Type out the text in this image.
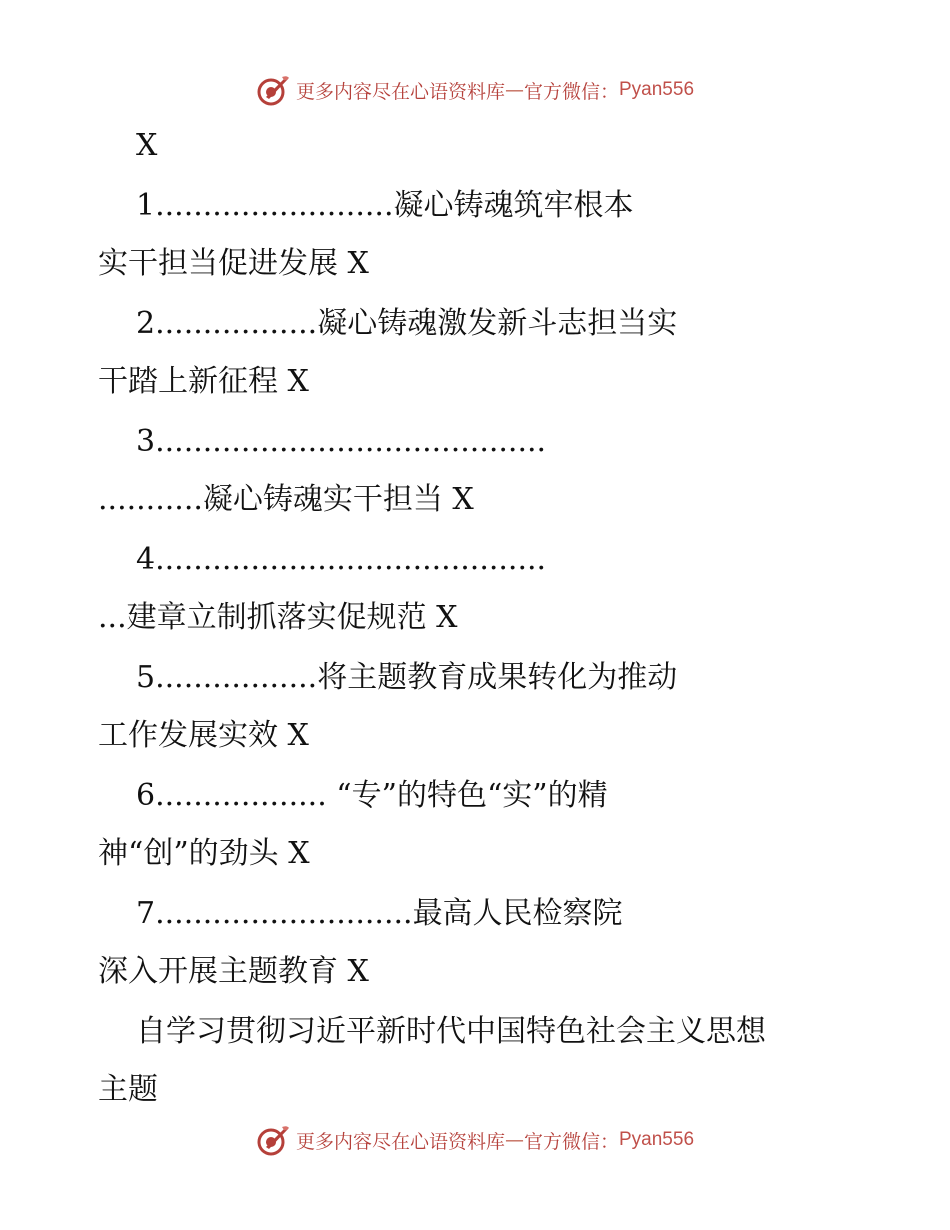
更多内容尽在心语资料库 — 官方微信： Pyan556
X
1.........................凝心铸魂筑牢根本
实干担当促进发展 X
2.................凝心铸魂激发新斗志担当实
干踏上新征程 X
3.........................................
...........凝心铸魂实干担当 X
4.........................................
...建章立制抓落实促规范 X
5.................将主题教育成果转化为推动
工作发展实效 X
6.................. “专”的特色“实”的精
神“创”的劲头 X
7...........................最高人民检察院
深入开展主题教育 X
自学习贯彻习近平新时代中国特色社会主义思想
主题
更多内容尽在心语资料库 — 官方微信： Pyan556
